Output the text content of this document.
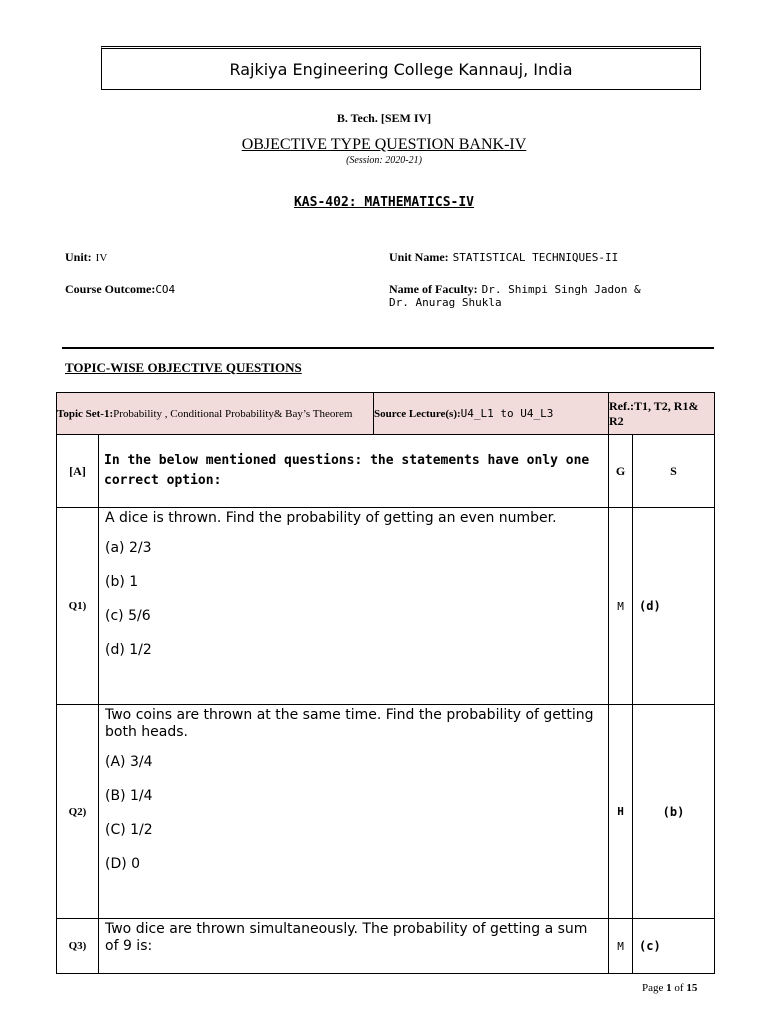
Rajkiya Engineering College Kannauj, India
B. Tech. [SEM IV]
OBJECTIVE TYPE QUESTION BANK-IV
(Session: 2020-21)
KAS-402: MATHEMATICS-IV
Unit: IV	Unit Name: STATISTICAL TECHNIQUES-II
Course Outcome:CO4	Name of Faculty: Dr. Shimpi Singh Jadon &
Dr. Anurag Shukla
TOPIC-WISE OBJECTIVE QUESTIONS
Topic Set-1:Probability , Conditional Probability& Bay’s Theorem		Source Lecture(s):U4_L1 to U4_L3	Ref.:T1, T2, R1& R2	
[A]	In the below mentioned questions: the statements have only one correct option:		G	S
Q1)	A dice is thrown. Find the probability of getting an even number.

(a) 2/3

(b) 1

(c) 5/6

(d) 1/2		M	(d)
Q2)	Two coins are thrown at the same time. Find the probability of getting both heads.

(A) 3/4

(B) 1/4

(C) 1/2

(D) 0		H	(b)
Q3)	Two dice are thrown simultaneously. The probability of getting a sum of 9 is:		M	(c)
Page 1 of 15
